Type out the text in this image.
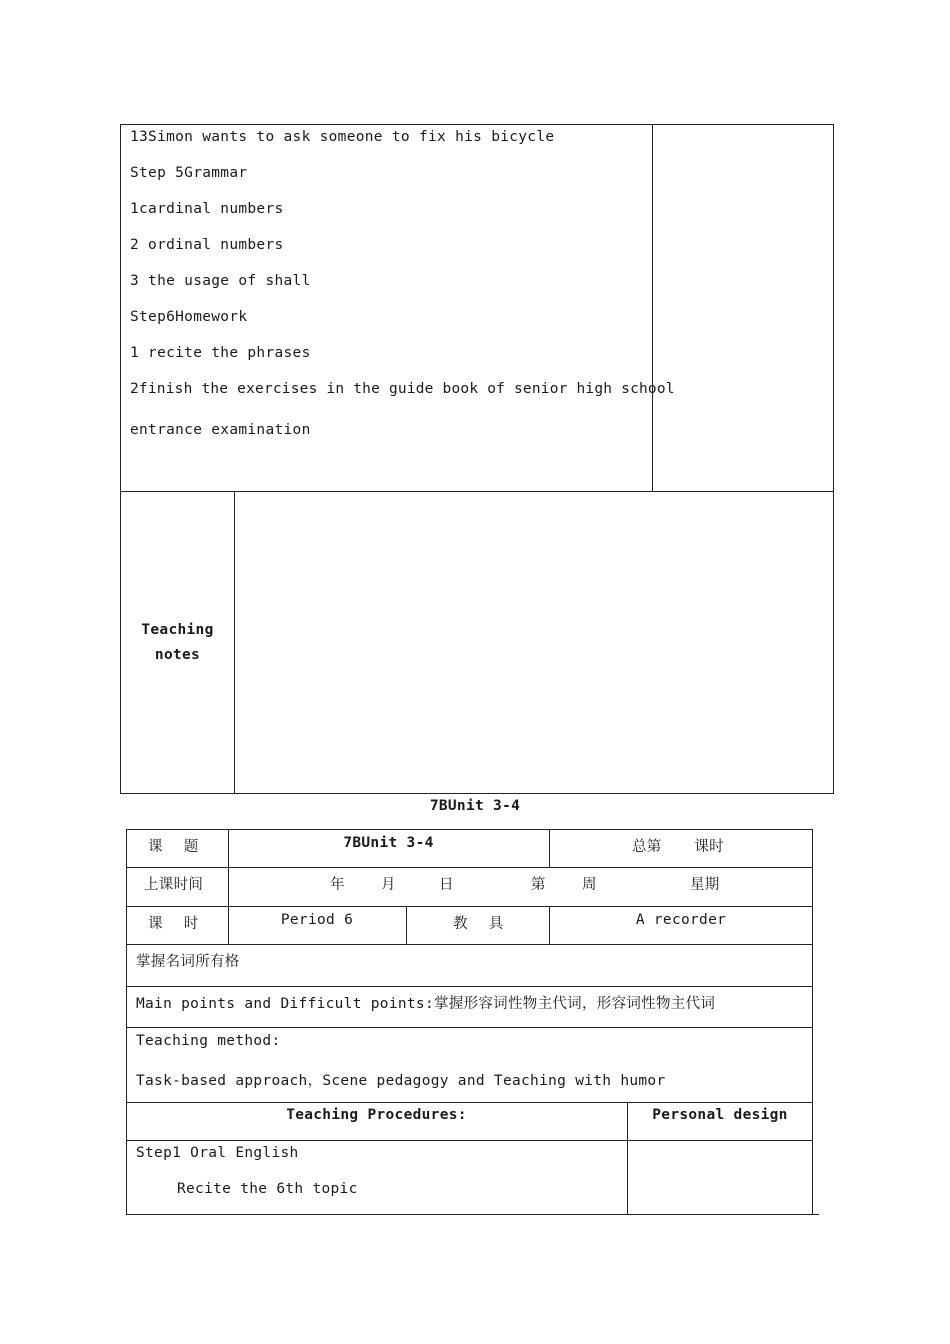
13Simon wants to ask someone to fix his bicycle
Step 5Grammar
1cardinal numbers
2 ordinal numbers
3 the usage of shall
Step6Homework
1 recite the phrases
2finish the exercises in the guide book of senior high school
entrance examination
Teaching
notes
7BUnit 3-4
课  题	7BUnit 3-4	总第   课时
上课时间	年 月	日	第 周	星期
课  时	Period 6	教  具	A recorder
掌握名词所有格
Main points and Difficult points:掌握形容词性物主代词，形容词性物主代词
Teaching method:
Task-based approach，Scene pedagogy and Teaching with humor
Teaching Procedures:	Personal design
Step1 Oral English
Recite the 6th topic
